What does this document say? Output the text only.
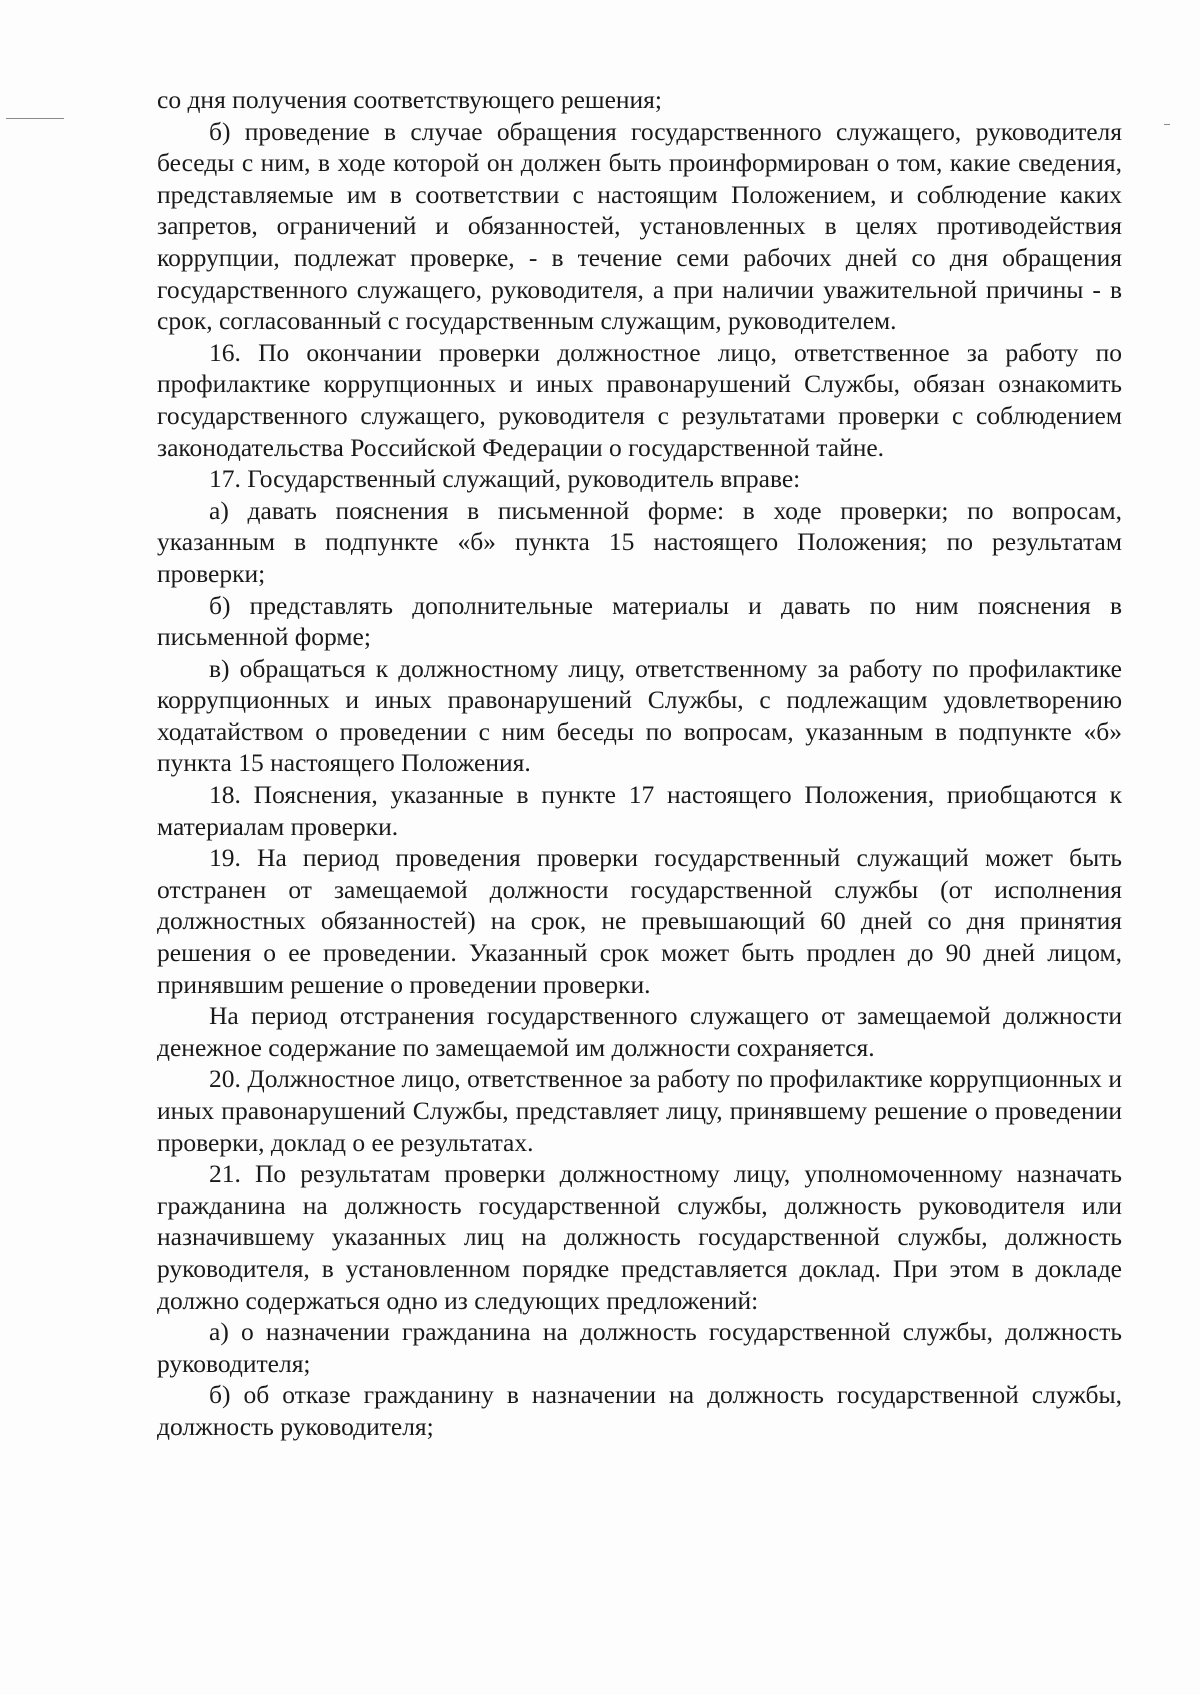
со дня получения соответствующего решения;

б) проведение в случае обращения государственного служащего, руководителя беседы с ним, в ходе которой он должен быть проинформирован о том, какие сведения, представляемые им в соответствии с настоящим Положением, и соблюдение каких запретов, ограничений и обязанностей, установленных в целях противодействия коррупции, подлежат проверке, - в течение семи рабочих дней со дня обращения государственного служащего, руководителя, а при наличии уважительной причины - в срок, согласованный с государственным служащим, руководителем.

16. По окончании проверки должностное лицо, ответственное за работу по профилактике коррупционных и иных правонарушений Службы, обязан ознакомить государственного служащего, руководителя с результатами проверки с соблюдением законодательства Российской Федерации о государственной тайне.

17. Государственный служащий, руководитель вправе:

а) давать пояснения в письменной форме: в ходе проверки; по вопросам, указанным в подпункте «б» пункта 15 настоящего Положения; по результатам проверки;

б) представлять дополнительные материалы и давать по ним пояснения в письменной форме;

в) обращаться к должностному лицу, ответственному за работу по профилактике коррупционных и иных правонарушений Службы, с подлежащим удовлетворению ходатайством о проведении с ним беседы по вопросам, указанным в подпункте «б» пункта 15 настоящего Положения.

18. Пояснения, указанные в пункте 17 настоящего Положения, приобщаются к материалам проверки.

19. На период проведения проверки государственный служащий может быть отстранен от замещаемой должности государственной службы (от исполнения должностных обязанностей) на срок, не превышающий 60 дней со дня принятия решения о ее проведении. Указанный срок может быть продлен до 90 дней лицом, принявшим решение о проведении проверки.

На период отстранения государственного служащего от замещаемой должности денежное содержание по замещаемой им должности сохраняется.

20. Должностное лицо, ответственное за работу по профилактике коррупционных и иных правонарушений Службы, представляет лицу, принявшему решение о проведении проверки, доклад о ее результатах.

21. По результатам проверки должностному лицу, уполномоченному назначать гражданина на должность государственной службы, должность руководителя или назначившему указанных лиц на должность государственной службы, должность руководителя, в установленном порядке представляется доклад. При этом в докладе должно содержаться одно из следующих предложений:

а) о назначении гражданина на должность государственной службы, должность руководителя;

б) об отказе гражданину в назначении на должность государственной службы, должность руководителя;
